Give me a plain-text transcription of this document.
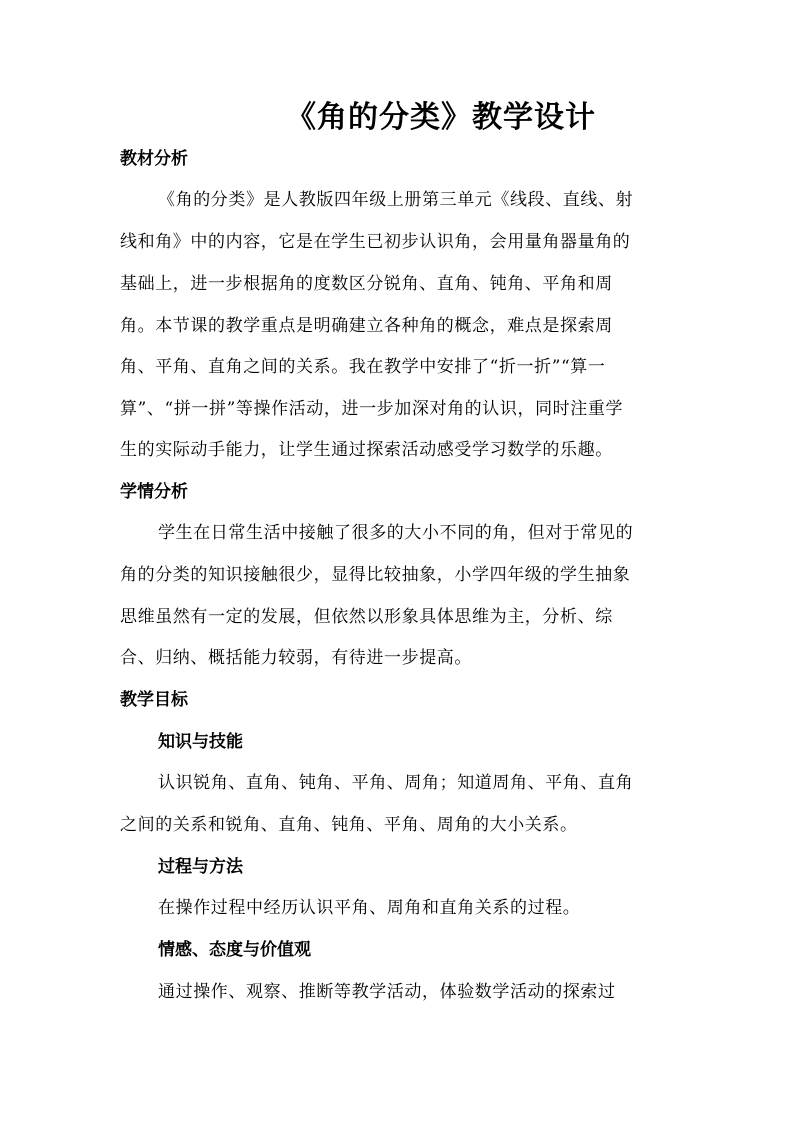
《角的分类》教学设计
教材分析
《角的分类》是人教版四年级上册第三单元《线段、直线、射
线和角》中的内容，它是在学生已初步认识角，会用量角器量角的
基础上，进一步根据角的度数区分锐角、直角、钝角、平角和周
角。本节课的教学重点是明确建立各种角的概念，难点是探索周
角、平角、直角之间的关系。我在教学中安排了“折一折”“算一
算”、“拼一拼”等操作活动，进一步加深对角的认识，同时注重学
生的实际动手能力，让学生通过探索活动感受学习数学的乐趣。
学情分析
学生在日常生活中接触了很多的大小不同的角，但对于常见的
角的分类的知识接触很少，显得比较抽象，小学四年级的学生抽象
思维虽然有一定的发展，但依然以形象具体思维为主，分析、综
合、归纳、概括能力较弱，有待进一步提高。
教学目标
知识与技能
认识锐角、直角、钝角、平角、周角；知道周角、平角、直角
之间的关系和锐角、直角、钝角、平角、周角的大小关系。
过程与方法
在操作过程中经历认识平角、周角和直角关系的过程。
情感、态度与价值观
通过操作、观察、推断等教学活动，体验数学活动的探索过
